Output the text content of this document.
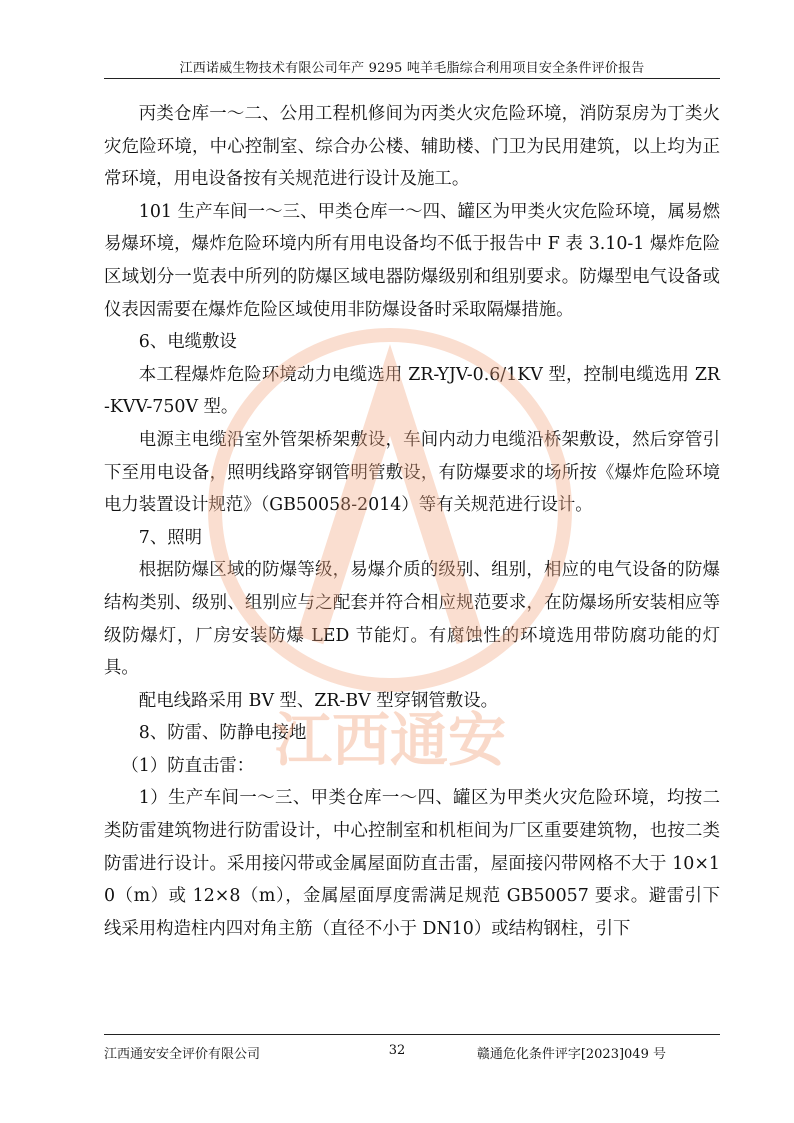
江西诺威生物技术有限公司年产 9295 吨羊毛脂综合利用项目安全条件评价报告

丙类仓库一～二、公用工程机修间为丙类火灾危险环境，消防泵房为丁类火灾危险环境，中心控制室、综合办公楼、辅助楼、门卫为民用建筑，以上均为正常环境，用电设备按有关规范进行设计及施工。

101 生产车间一～三、甲类仓库一～四、罐区为甲类火灾危险环境，属易燃易爆环境，爆炸危险环境内所有用电设备均不低于报告中 F 表 3.10-1 爆炸危险区域划分一览表中所列的防爆区域电器防爆级别和组别要求。防爆型电气设备或仪表因需要在爆炸危险区域使用非防爆设备时采取隔爆措施。

6、电缆敷设

本工程爆炸危险环境动力电缆选用 ZR-YJV-0.6/1KV 型，控制电缆选用 ZR-KVV-750V 型。

电源主电缆沿室外管架桥架敷设，车间内动力电缆沿桥架敷设，然后穿管引下至用电设备，照明线路穿钢管明管敷设，有防爆要求的场所按《爆炸危险环境电力装置设计规范》（GB50058-2014）等有关规范进行设计。

7、照明

根据防爆区域的防爆等级，易爆介质的级别、组别，相应的电气设备的防爆结构类别、级别、组别应与之配套并符合相应规范要求，在防爆场所安装相应等级防爆灯，厂房安装防爆 LED 节能灯。有腐蚀性的环境选用带防腐功能的灯具。

配电线路采用 BV 型、ZR-BV 型穿钢管敷设。

8、防雷、防静电接地

（1）防直击雷：

1）生产车间一～三、甲类仓库一～四、罐区为甲类火灾危险环境，均按二类防雷建筑物进行防雷设计，中心控制室和机柜间为厂区重要建筑物，也按二类防雷进行设计。采用接闪带或金属屋面防直击雷，屋面接闪带网格不大于 10×10（m）或 12×8（m），金属屋面厚度需满足规范 GB50057 要求。避雷引下线采用构造柱内四对角主筋（直径不小于 DN10）或结构钢柱，引下

江西通安
江西通安安全评价有限公司	32	赣通危化条件评字[2023]049 号
